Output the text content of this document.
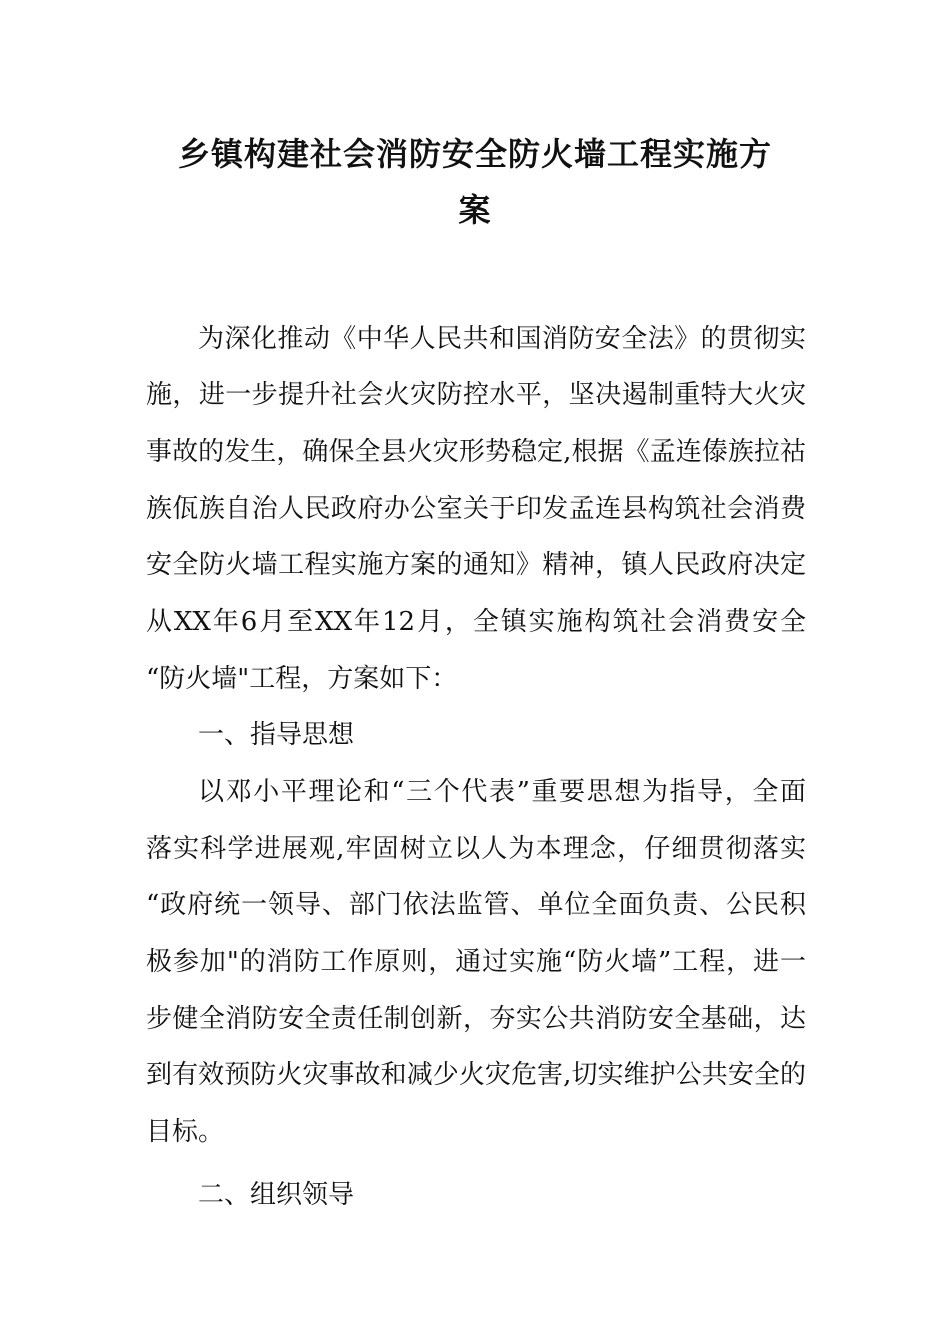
乡镇构建社会消防安全防火墙工程实施方
案
为深化推动《中华人民共和国消防安全法》的贯彻实
施，进一步提升社会火灾防控水平，坚决遏制重特大火灾
事故的发生，确保全县火灾形势稳定,根据《孟连傣族拉祜
族佤族自治人民政府办公室关于印发孟连县构筑社会消费
安全防火墙工程实施方案的通知》精神，镇人民政府决定
从XX年6月至XX年12月，全镇实施构筑社会消费安全
“防火墙"工程，方案如下：
一、指导思想
以邓小平理论和“三个代表”重要思想为指导，全面
落实科学进展观,牢固树立以人为本理念，仔细贯彻落实
“政府统一领导、部门依法监管、单位全面负责、公民积
极参加"的消防工作原则，通过实施“防火墙”工程，进一
步健全消防安全责任制创新，夯实公共消防安全基础，达
到有效预防火灾事故和减少火灾危害,切实维护公共安全的
目标。
二、组织领导
